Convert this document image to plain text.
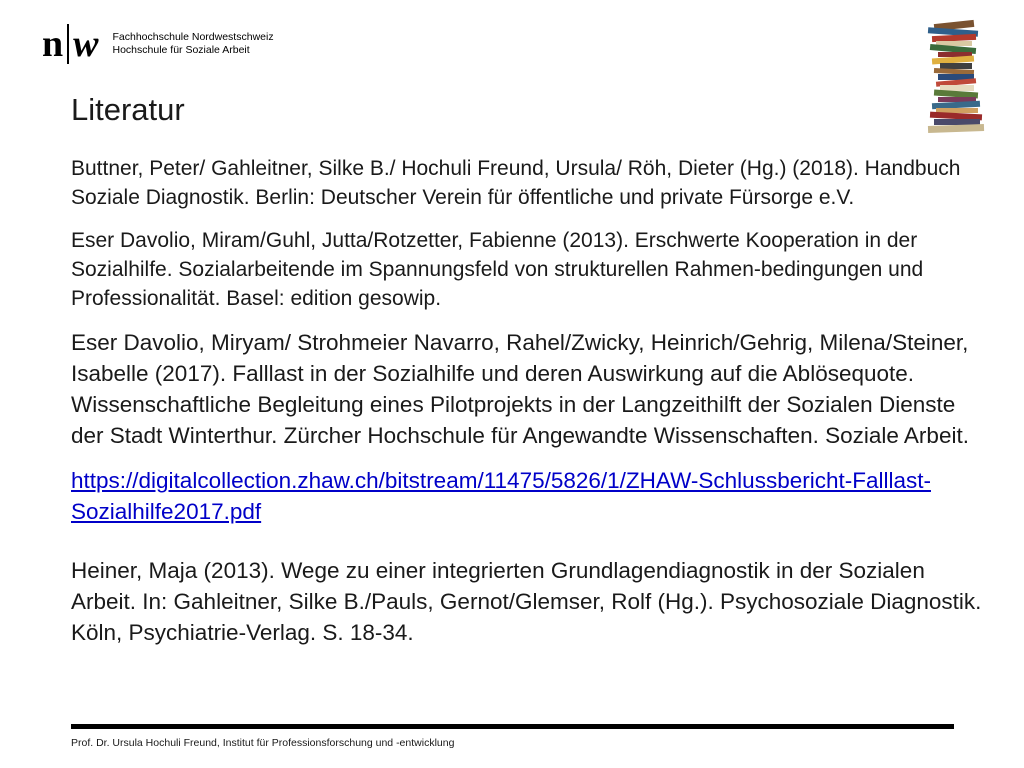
n w Fachhochschule Nordwestschweiz
Hochschule für Soziale Arbeit
Literatur

Buttner, Peter/ Gahleitner, Silke B./ Hochuli Freund, Ursula/ Röh, Dieter (Hg.) (2018). Handbuch Soziale Diagnostik. Berlin: Deutscher Verein für öffentliche und private Fürsorge e.V.

Eser Davolio, Miram/Guhl, Jutta/Rotzetter, Fabienne (2013). Erschwerte Kooperation in der Sozialhilfe. Sozialarbeitende im Spannungsfeld von strukturellen Rahmen-bedingungen und Professionalität. Basel: edition gesowip.

Eser Davolio, Miryam/ Strohmeier Navarro, Rahel/Zwicky, Heinrich/Gehrig, Milena/Steiner, Isabelle (2017). Falllast in der Sozialhilfe und deren Auswirkung auf die Ablösequote. Wissenschaftliche Begleitung eines Pilotprojekts in der Langzeithilft der Sozialen Dienste der Stadt Winterthur. Zürcher Hochschule für Angewandte Wissenschaften. Soziale Arbeit.

https://digitalcollection.zhaw.ch/bitstream/11475/5826/1/ZHAW-Schlussbericht-Falllast-Sozialhilfe2017.pdf

Heiner, Maja (2013). Wege zu einer integrierten Grundlagendiagnostik in der Sozialen Arbeit. In: Gahleitner, Silke B./Pauls, Gernot/Glemser, Rolf (Hg.). Psychosoziale Diagnostik. Köln, Psychiatrie-Verlag. S. 18-34.

Prof. Dr. Ursula Hochuli Freund, Institut für Professionsforschung und -entwicklung
